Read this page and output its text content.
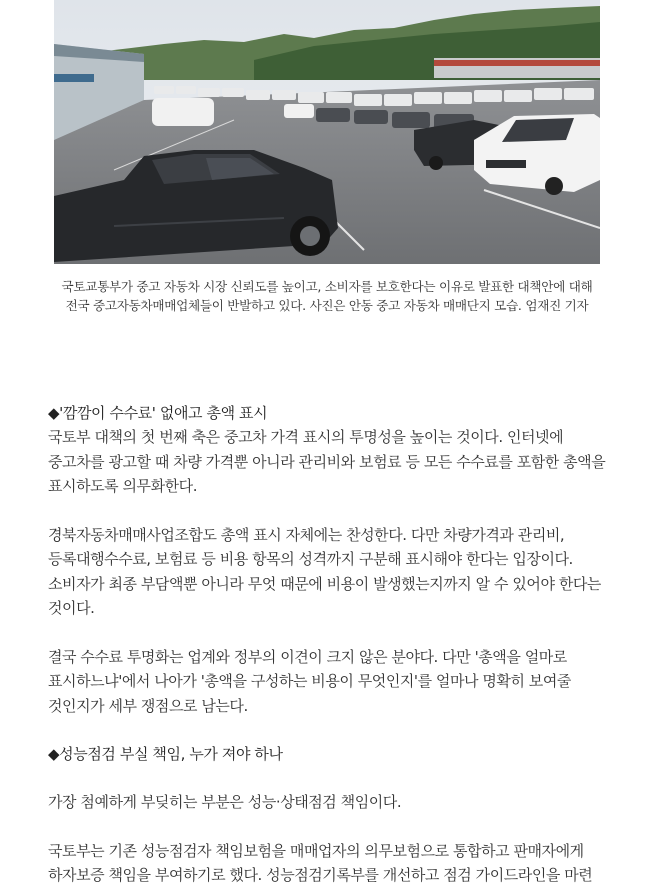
국토교통부가 중고 자동차 시장 신뢰도를 높이고, 소비자를 보호한다는 이유로 발표한 대책안에 대해 전국 중고자동차매매업체들이 반발하고 있다. 사진은 안동 중고 자동차 매매단지 모습. 엄재진 기자

◆'깜깜이 수수료' 없애고 총액 표시

국토부 대책의 첫 번째 축은 중고차 가격 표시의 투명성을 높이는 것이다. 인터넷에 중고차를 광고할 때 차량 가격뿐 아니라 관리비와 보험료 등 모든 수수료를 포함한 총액을 표시하도록 의무화한다.

경북자동차매매사업조합도 총액 표시 자체에는 찬성한다. 다만 차량가격과 관리비, 등록대행수수료, 보험료 등 비용 항목의 성격까지 구분해 표시해야 한다는 입장이다. 소비자가 최종 부담액뿐 아니라 무엇 때문에 비용이 발생했는지까지 알 수 있어야 한다는 것이다.

결국 수수료 투명화는 업계와 정부의 이견이 크지 않은 분야다. 다만 '총액을 얼마로 표시하느냐'에서 나아가 '총액을 구성하는 비용이 무엇인지'를 얼마나 명확히 보여줄 것인지가 세부 쟁점으로 남는다.

◆성능점검 부실 책임, 누가 져야 하나

가장 첨예하게 부딪히는 부분은 성능·상태점검 책임이다.

국토부는 기존 성능점검자 책임보험을 매매업자의 의무보험으로 통합하고 판매자에게 하자보증 책임을 부여하기로 했다. 성능점검기록부를 개선하고 점검 가이드라인을 마련
